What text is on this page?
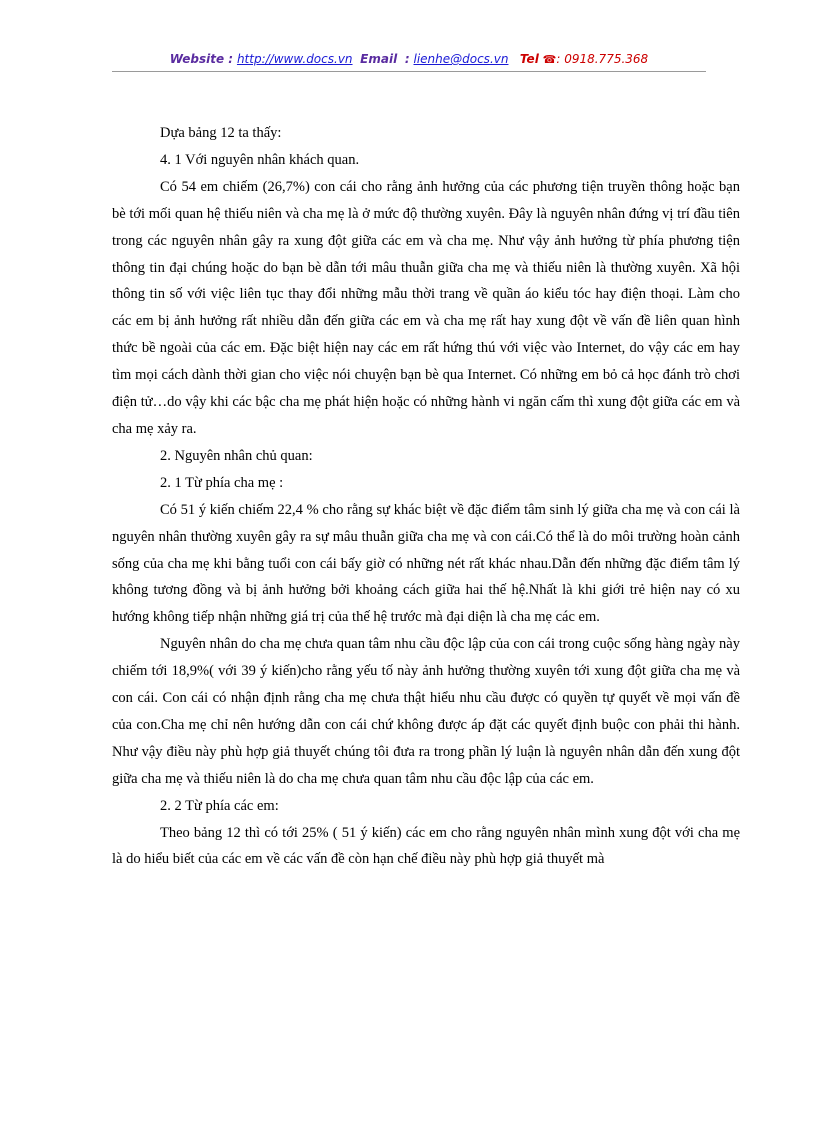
Website : http://www.docs.vn Email : lienhe@docs.vn Tel ☎: 0918.775.368

Dựa bảng 12 ta thấy:

4. 1 Với nguyên nhân khách quan.

Có 54 em chiếm (26,7%) con cái cho rằng ảnh hưởng của các phương tiện truyền thông hoặc bạn bè tới mối quan hệ thiếu niên và cha mẹ là ở mức độ thường xuyên. Đây là nguyên nhân đứng vị trí đầu tiên trong các nguyên nhân gây ra xung đột giữa các em và cha mẹ. Như vậy ảnh hưởng từ phía phương tiện thông tin đại chúng hoặc do bạn bè dẫn tới mâu thuẫn giữa cha mẹ và thiếu niên là thường xuyên. Xã hội thông tin số với việc liên tục thay đổi những mẫu thời trang về quần áo kiểu tóc hay điện thoại. Làm cho các em bị ảnh hưởng rất nhiều dẫn đến giữa các em và cha mẹ rất hay xung đột về vấn đề liên quan hình thức bề ngoài của các em. Đặc biệt hiện nay các em rất hứng thú với việc vào Internet, do vậy các em hay tìm mọi cách dành thời gian cho việc nói chuyện bạn bè qua Internet. Có những em bỏ cả học đánh trò chơi điện tử…do vậy khi các bậc cha mẹ phát hiện hoặc có những hành vi ngăn cấm thì xung đột giữa các em và cha mẹ xảy ra.

2. Nguyên nhân chủ quan:

2. 1 Từ phía cha mẹ :

Có 51 ý kiến chiếm 22,4 % cho rằng sự khác biệt về đặc điểm tâm sinh lý giữa cha mẹ và con cái là nguyên nhân thường xuyên gây ra sự mâu thuẫn giữa cha mẹ và con cái.Có thể là do môi trường hoàn cảnh sống của cha mẹ khi bằng tuổi con cái bấy giờ có những nét rất khác nhau.Dẫn đến những đặc điểm tâm lý không tương đồng và bị ảnh hưởng bởi khoảng cách giữa hai thế hệ.Nhất là khi giới trẻ hiện nay có xu hướng không tiếp nhận những giá trị của thế hệ trước mà đại diện là cha mẹ các em.

Nguyên nhân do cha mẹ chưa quan tâm nhu cầu độc lập của con cái trong cuộc sống hàng ngày này chiếm tới 18,9%( với 39 ý kiến)cho rằng yếu tố này ảnh hưởng thường xuyên tới xung đột giữa cha mẹ và con cái. Con cái có nhận định rằng cha mẹ chưa thật hiểu nhu cầu được có quyền tự quyết về mọi vấn đề của con.Cha mẹ chỉ nên hướng dẫn con cái chứ không được áp đặt các quyết định buộc con phải thi hành. Như vậy điều này phù hợp giả thuyết chúng tôi đưa ra trong phần lý luận là nguyên nhân dẫn đến xung đột giữa cha mẹ và thiếu niên là do cha mẹ chưa quan tâm nhu cầu độc lập của các em.

2. 2 Từ phía các em:

Theo bảng 12 thì có tới 25% ( 51 ý kiến) các em cho rằng nguyên nhân mình xung đột với cha mẹ là do hiểu biết của các em về các vấn đề còn hạn chế điều này phù hợp giả thuyết mà
